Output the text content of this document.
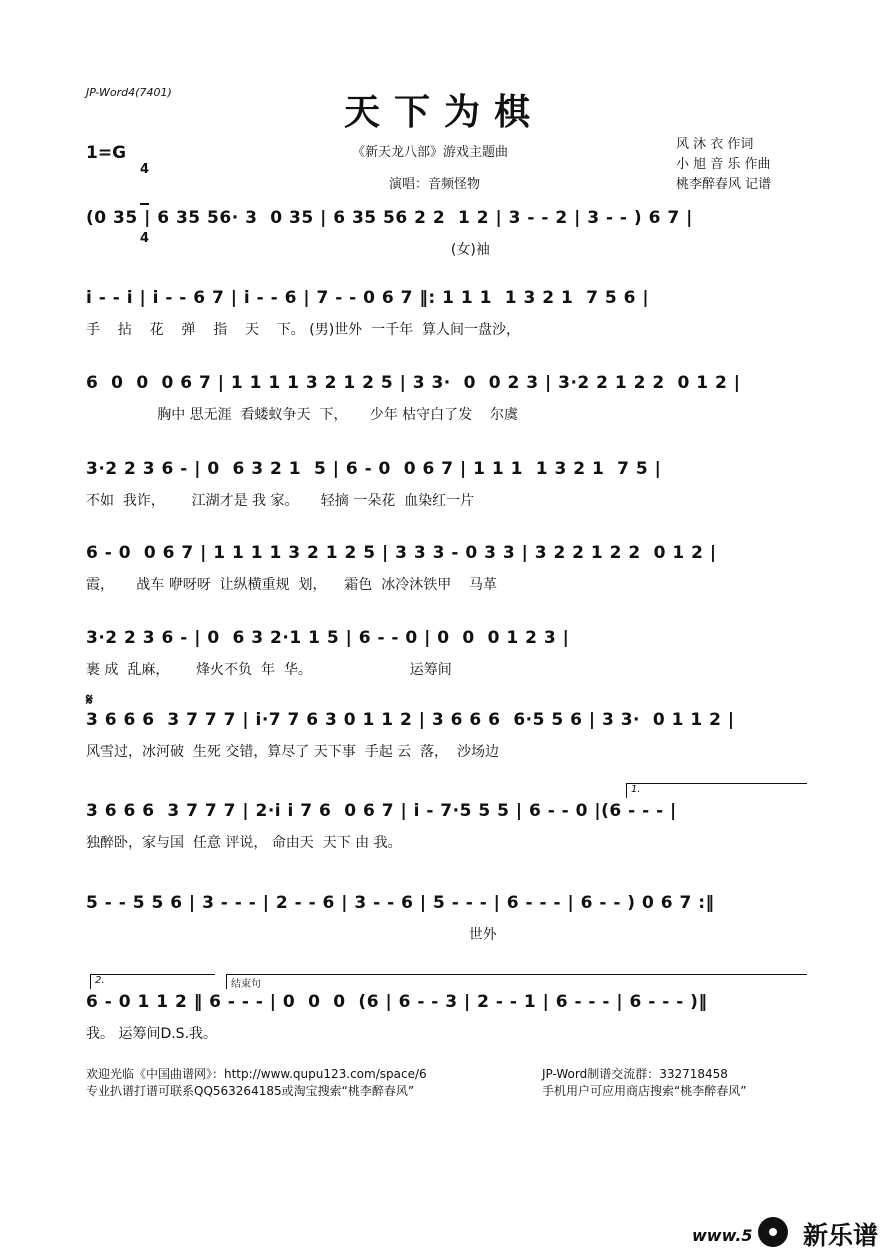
JP-Word4(7401)	天下为棋
1=G

4

4

《新天龙八部》游戏主题曲
演唱：音频怪物
风 沐 衣 作词
小 旭 音 乐 作曲
桃李醉春风 记谱
(0 35 | 6 35 56· 3  0 35 | 6 35 56 2 2  1 2 | 3 - - 2 | 3 - - ) 6 7 |
(女)袖
i - - i | i - - 6 7 | i - - 6 | 7 - - 0 6 7 ‖: 1 1 1  1 3 2 1  7 5 6 |
手    拈    花    弹    指    天    下。 (男)世外  一千年  算人间一盘沙，
6  0  0  0 6 7 | 1 1 1 1 3 2 1 2 5 | 3 3·  0  0 2 3 | 3·2 2 1 2 2  0 1 2 |
胸中 思无涯  看蝼蚁争天  下，     少年 枯守白了发    尔虞
3·2 2 3 6 - | 0  6 3 2 1  5 | 6 - 0  0 6 7 | 1 1 1  1 3 2 1  7 5 |
不如  我诈，      江湖才是 我 家。     轻摘 一朵花  血染红一片
6 - 0  0 6 7 | 1 1 1 1 3 2 1 2 5 | 3 3 3 - 0 3 3 | 3 2 2 1 2 2  0 1 2 |
霞，     战车 咿呀呀  让纵横重规  划，    霜色  冰冷沐铁甲    马革
3·2 2 3 6 - | 0  6 3 2·1 1 5 | 6 - - 0 | 0  0  0 1 2 3 |
裹 成  乱麻，      烽火不负  年  华。                      运筹间
𝄋
3 6 6 6  3 7 7 7 | i·7 7 6 3 0 1 1 2 | 3 6 6 6  6·5 5 6 | 3 3·  0 1 1 2 |
风雪过，冰河破  生死 交错，算尽了 天下事  手起 云  落，  沙场边
1.
3 6 6 6  3 7 7 7 | 2·i i 7 6  0 6 7 | i - 7·5 5 5 | 6 - - 0 |(6 - - - |
独醉卧，家与国  任意 评说， 命由天  天下 由 我。
5 - - 5 5 6 | 3 - - - | 2 - - 6 | 3 - - 6 | 5 - - - | 6 - - - | 6 - - ) 0 6 7 :‖
世外
2.	结束句
6 - 0 1 1 2 ‖ 6 - - - | 0  0  0  (6 | 6 - - 3 | 2 - - 1 | 6 - - - | 6 - - - )‖
我。 运筹间D.S.我。
欢迎光临《中国曲谱网》：http://www.qupu123.com/space/6
专业扒谱打谱可联系QQ563264185或淘宝搜索“桃李醉春风”
JP-Word制谱交流群：332718458
手机用户可应用商店搜索“桃李醉春风”
www.5 新乐谱
